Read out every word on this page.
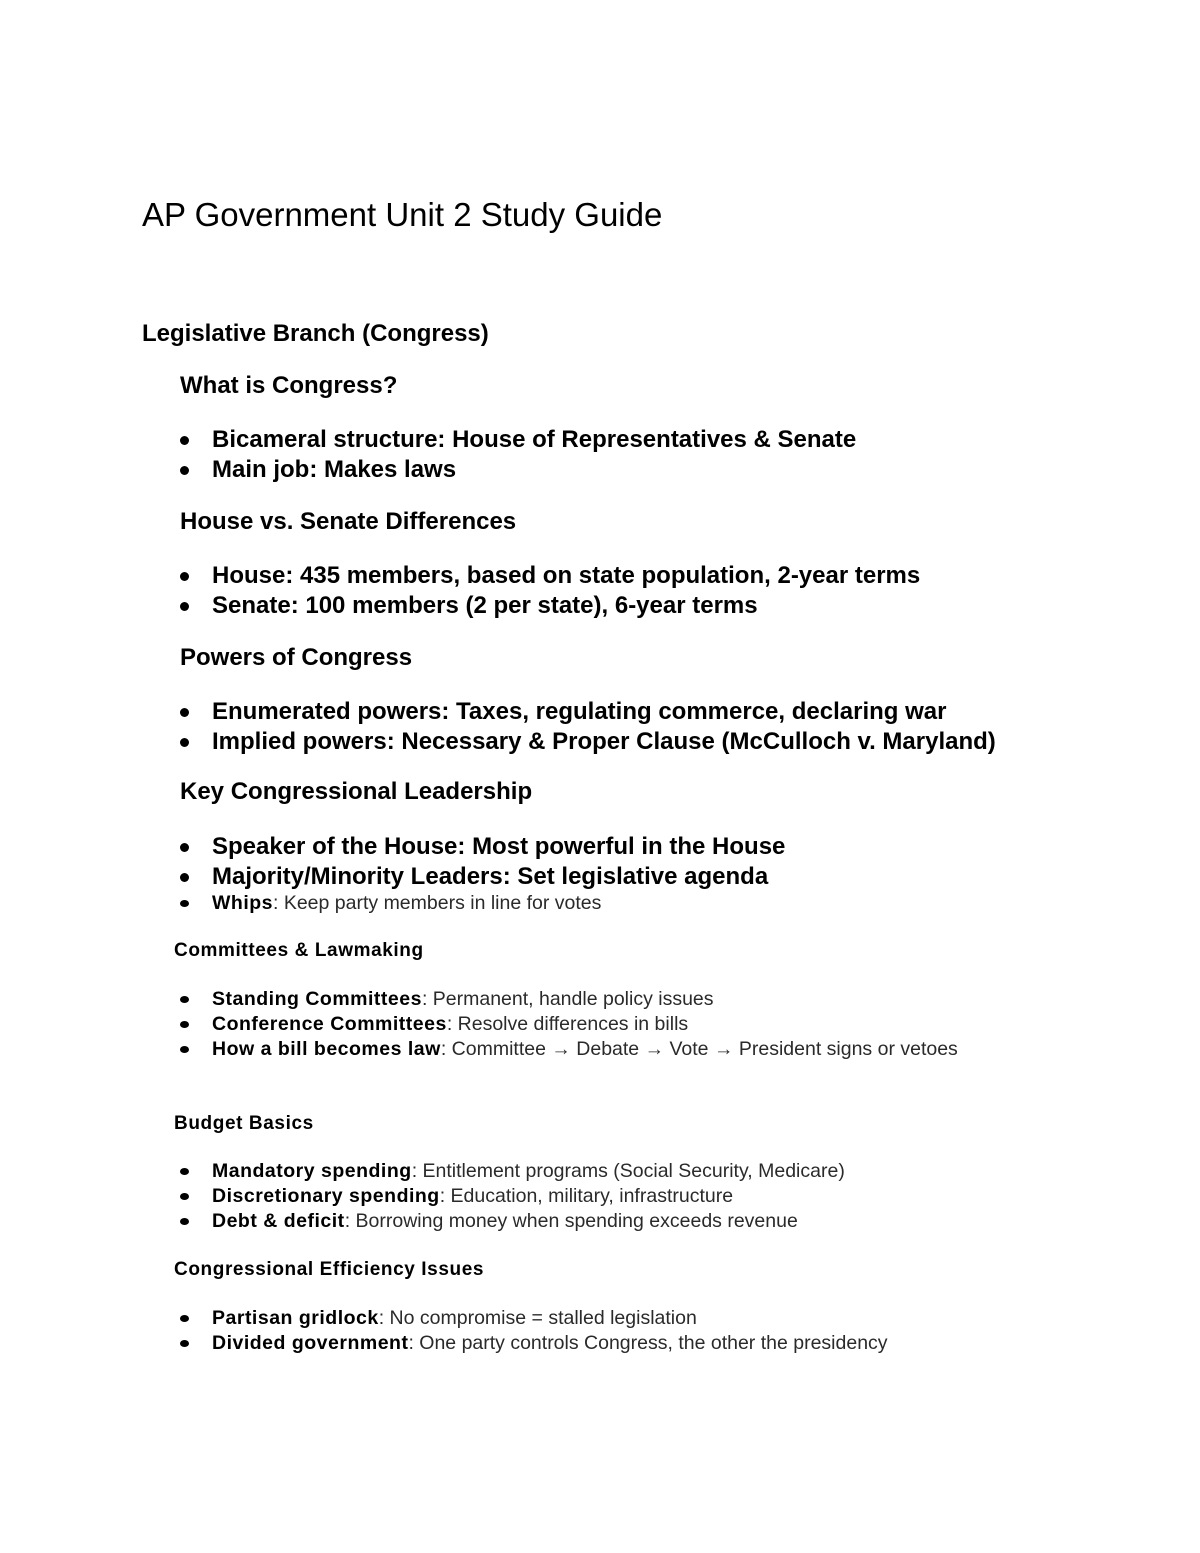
AP Government Unit 2 Study Guide
Legislative Branch (Congress)
What is Congress?
Bicameral structure: House of Representatives & Senate
Main job: Makes laws
House vs. Senate Differences
House: 435 members, based on state population, 2-year terms
Senate: 100 members (2 per state), 6-year terms
Powers of Congress
Enumerated powers: Taxes, regulating commerce, declaring war
Implied powers: Necessary & Proper Clause (McCulloch v. Maryland)
Key Congressional Leadership
Speaker of the House: Most powerful in the House
Majority/Minority Leaders: Set legislative agenda
Whips: Keep party members in line for votes
Committees & Lawmaking
Standing Committees: Permanent, handle policy issues
Conference Committees: Resolve differences in bills
How a bill becomes law: Committee → Debate → Vote → President signs or vetoes
Budget Basics
Mandatory spending: Entitlement programs (Social Security, Medicare)
Discretionary spending: Education, military, infrastructure
Debt & deficit: Borrowing money when spending exceeds revenue
Congressional Efficiency Issues
Partisan gridlock: No compromise = stalled legislation
Divided government: One party controls Congress, the other the presidency
